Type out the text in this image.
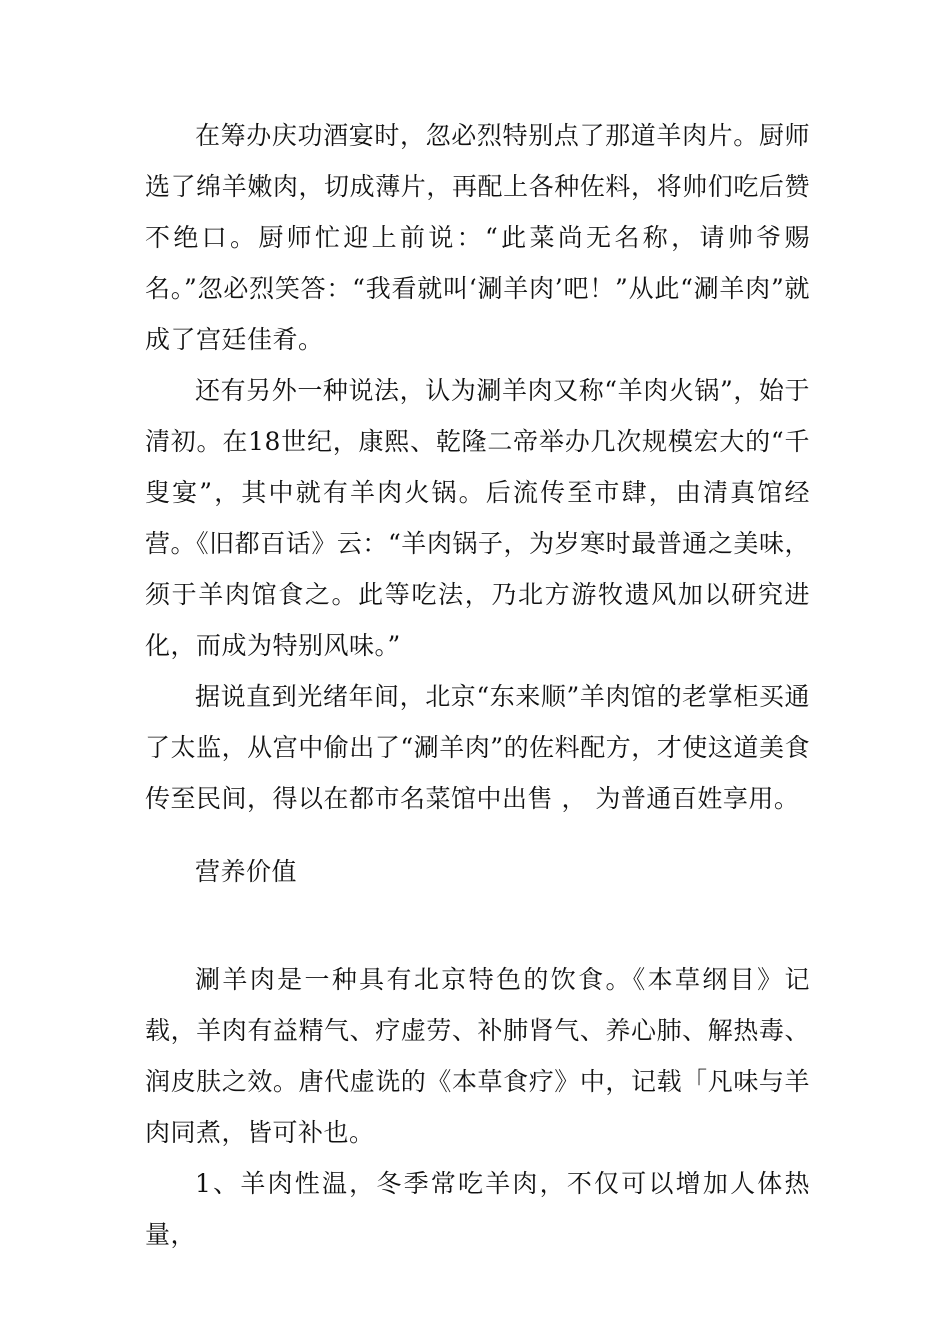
在筹办庆功酒宴时，忽必烈特别点了那道羊肉片。厨师选了绵羊嫩肉，切成薄片，再配上各种佐料，将帅们吃后赞不绝口。厨师忙迎上前说：“此菜尚无名称，请帅爷赐名。”忽必烈笑答：“我看就叫‘涮羊肉’吧！”从此“涮羊肉”就成了宫廷佳肴。

还有另外一种说法，认为涮羊肉又称“羊肉火锅”，始于清初。在18世纪，康熙、乾隆二帝举办几次规模宏大的“千叟宴”，其中就有羊肉火锅。后流传至市肆，由清真馆经营。《旧都百话》云：“羊肉锅子，为岁寒时最普通之美味，须于羊肉馆食之。此等吃法，乃北方游牧遗风加以研究进化，而成为特别风味。”

据说直到光绪年间，北京“东来顺”羊肉馆的老掌柜买通了太监，从宫中偷出了“涮羊肉”的佐料配方，才使这道美食传至民间，得以在都市名菜馆中出售 ， 为普通百姓享用。

营养价值

涮羊肉是一种具有北京特色的饮食。《本草纲目》记载，羊肉有益精气、疗虚劳、补肺肾气、养心肺、解热毒、润皮肤之效。唐代虚诜的《本草食疗》中，记载「凡味与羊肉同煮，皆可补也。

1、羊肉性温，冬季常吃羊肉，不仅可以增加人体热量，
